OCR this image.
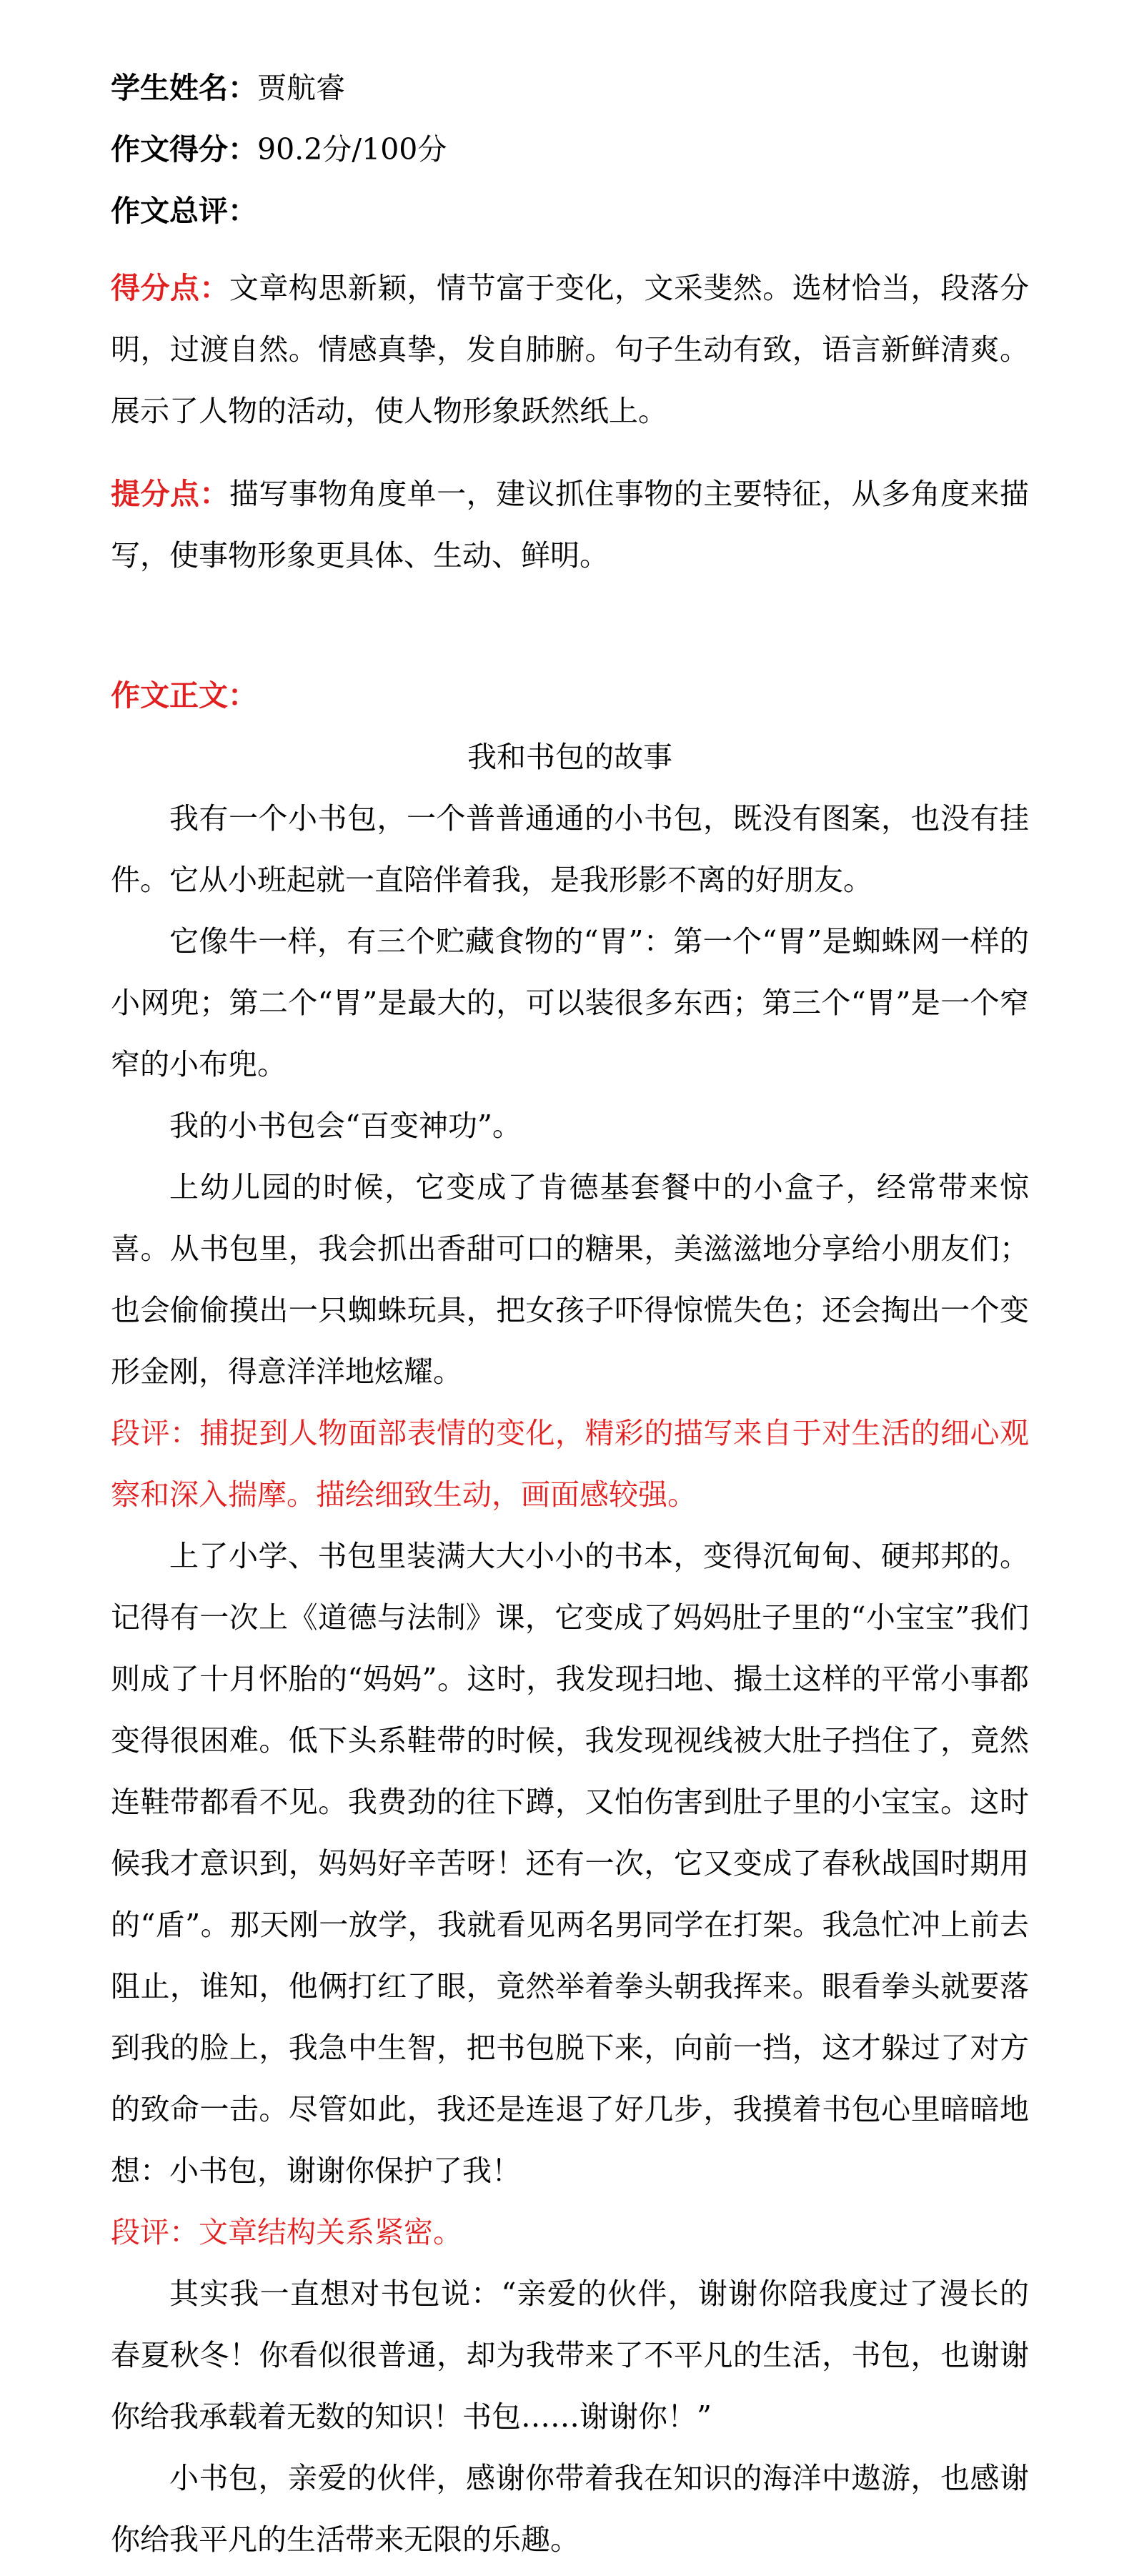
学生姓名：贾航睿

作文得分：90.2分/100分

作文总评：

得分点：文章构思新颖，情节富于变化，文采斐然。选材恰当，段落分明，过渡自然。情感真挚，发自肺腑。句子生动有致，语言新鲜清爽。展示了人物的活动，使人物形象跃然纸上。

提分点：描写事物角度单一，建议抓住事物的主要特征，从多角度来描写，使事物形象更具体、生动、鲜明。

作文正文：

我和书包的故事

我有一个小书包，一个普普通通的小书包，既没有图案，也没有挂件。它从小班起就一直陪伴着我，是我形影不离的好朋友。

它像牛一样，有三个贮藏食物的“胃”：第一个“胃”是蜘蛛网一样的小网兜；第二个“胃”是最大的，可以装很多东西；第三个“胃”是一个窄窄的小布兜。

我的小书包会“百变神功”。

上幼儿园的时候，它变成了肯德基套餐中的小盒子，经常带来惊喜。从书包里，我会抓出香甜可口的糖果，美滋滋地分享给小朋友们；也会偷偷摸出一只蜘蛛玩具，把女孩子吓得惊慌失色；还会掏出一个变形金刚，得意洋洋地炫耀。

段评：捕捉到人物面部表情的变化，精彩的描写来自于对生活的细心观察和深入揣摩。描绘细致生动，画面感较强。

上了小学、书包里装满大大小小的书本，变得沉甸甸、硬邦邦的。记得有一次上《道德与法制》课，它变成了妈妈肚子里的“小宝宝”我们则成了十月怀胎的“妈妈”。这时，我发现扫地、撮土这样的平常小事都变得很困难。低下头系鞋带的时候，我发现视线被大肚子挡住了，竟然连鞋带都看不见。我费劲的往下蹲，又怕伤害到肚子里的小宝宝。这时候我才意识到，妈妈好辛苦呀！还有一次，它又变成了春秋战国时期用的“盾”。那天刚一放学，我就看见两名男同学在打架。我急忙冲上前去阻止，谁知，他俩打红了眼，竟然举着拳头朝我挥来。眼看拳头就要落到我的脸上，我急中生智，把书包脱下来，向前一挡，这才躲过了对方的致命一击。尽管如此，我还是连退了好几步，我摸着书包心里暗暗地想：小书包，谢谢你保护了我！

段评：文章结构关系紧密。

其实我一直想对书包说：“亲爱的伙伴，谢谢你陪我度过了漫长的春夏秋冬！你看似很普通，却为我带来了不平凡的生活，书包，也谢谢你给我承载着无数的知识！书包……谢谢你！”

小书包，亲爱的伙伴，感谢你带着我在知识的海洋中遨游，也感谢你给我平凡的生活带来无限的乐趣。
